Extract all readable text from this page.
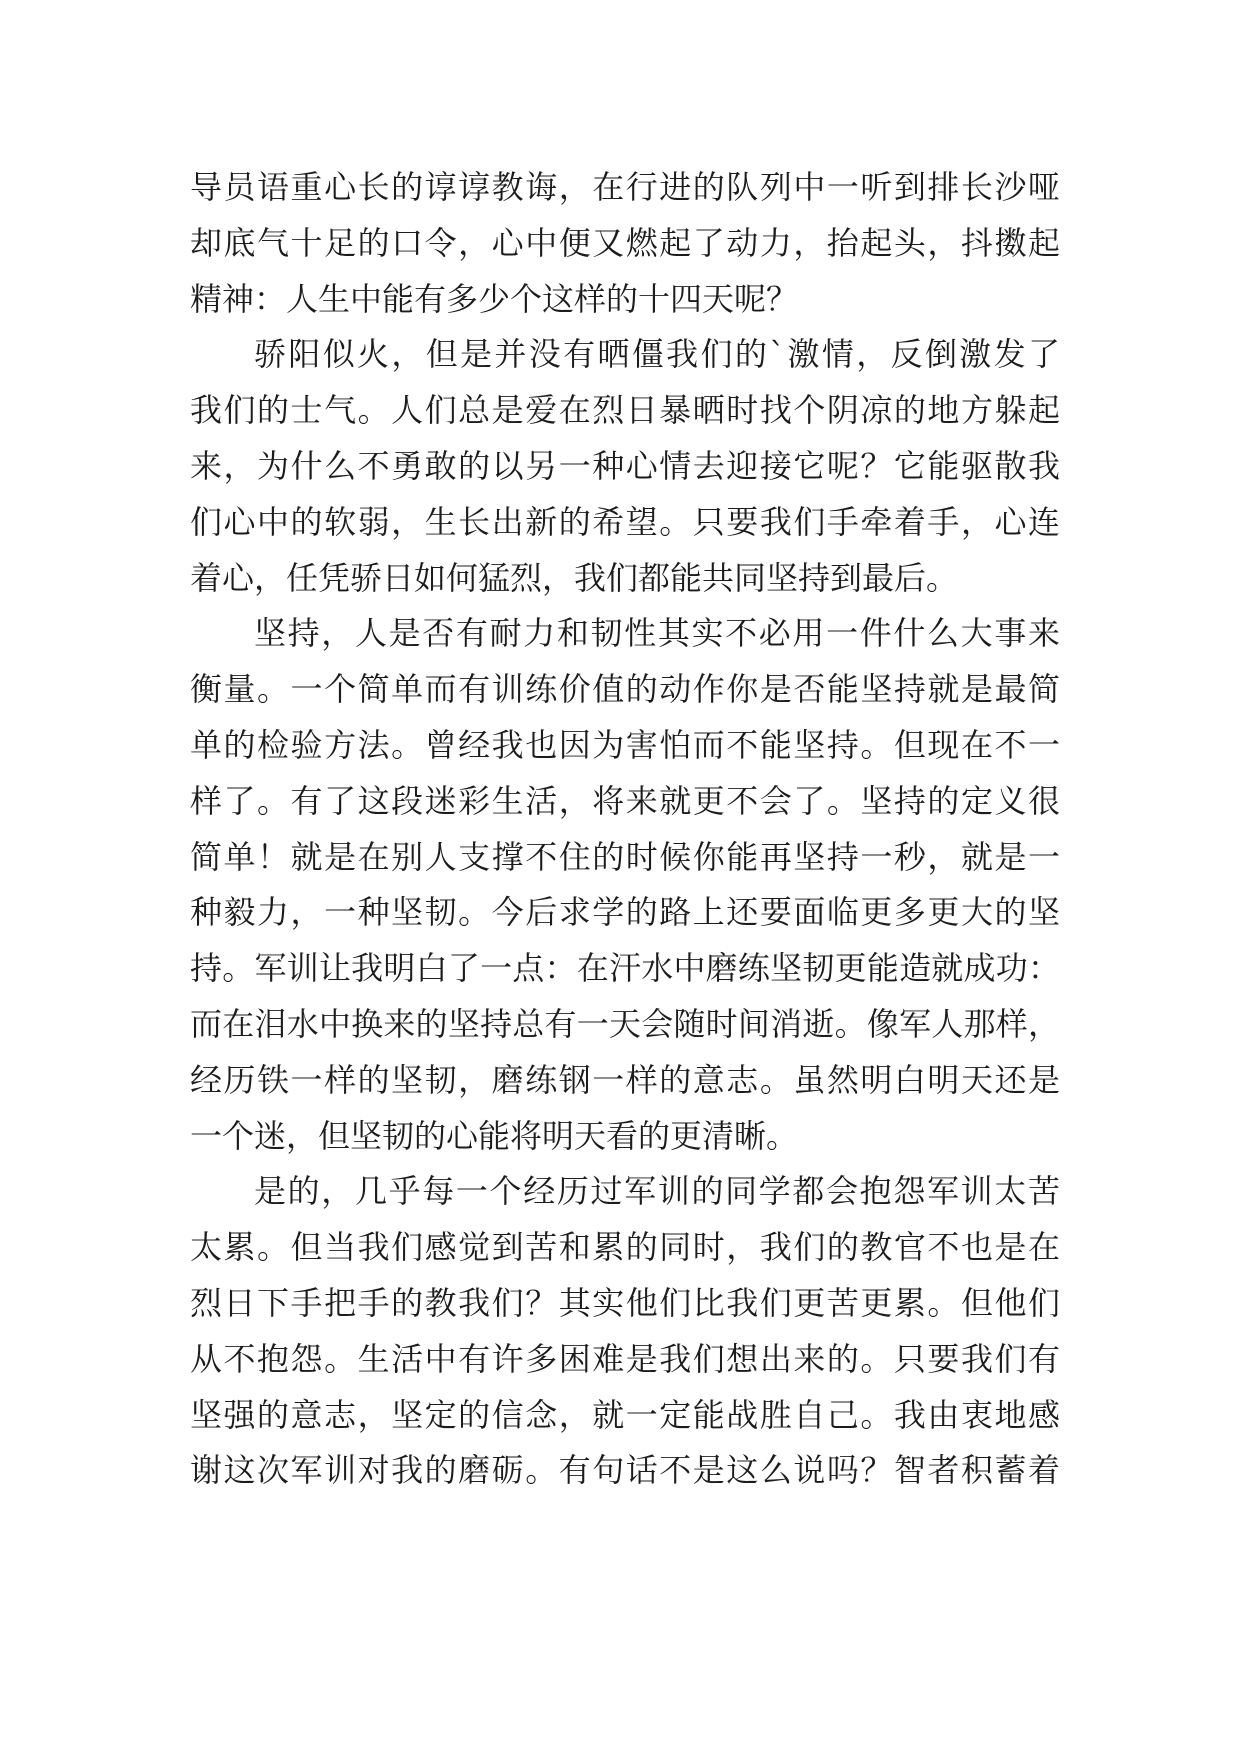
导员语重心长的谆谆教诲，在行进的队列中一听到排长沙哑
却底气十足的口令，心中便又燃起了动力，抬起头，抖擞起
精神：人生中能有多少个这样的十四天呢？
骄阳似火，但是并没有晒僵我们的`激情，反倒激发了
我们的士气。人们总是爱在烈日暴晒时找个阴凉的地方躲起
来，为什么不勇敢的以另一种心情去迎接它呢？它能驱散我
们心中的软弱，生长出新的希望。只要我们手牵着手，心连
着心，任凭骄日如何猛烈，我们都能共同坚持到最后。
坚持，人是否有耐力和韧性其实不必用一件什么大事来
衡量。一个简单而有训练价值的动作你是否能坚持就是最简
单的检验方法。曾经我也因为害怕而不能坚持。但现在不一
样了。有了这段迷彩生活，将来就更不会了。坚持的定义很
简单！就是在别人支撑不住的时候你能再坚持一秒，就是一
种毅力，一种坚韧。今后求学的路上还要面临更多更大的坚
持。军训让我明白了一点：在汗水中磨练坚韧更能造就成功：
而在泪水中换来的坚持总有一天会随时间消逝。像军人那样，
经历铁一样的坚韧，磨练钢一样的意志。虽然明白明天还是
一个迷，但坚韧的心能将明天看的更清晰。
是的，几乎每一个经历过军训的同学都会抱怨军训太苦
太累。但当我们感觉到苦和累的同时，我们的教官不也是在
烈日下手把手的教我们？其实他们比我们更苦更累。但他们
从不抱怨。生活中有许多困难是我们想出来的。只要我们有
坚强的意志，坚定的信念，就一定能战胜自己。我由衷地感
谢这次军训对我的磨砺。有句话不是这么说吗？智者积蓄着
